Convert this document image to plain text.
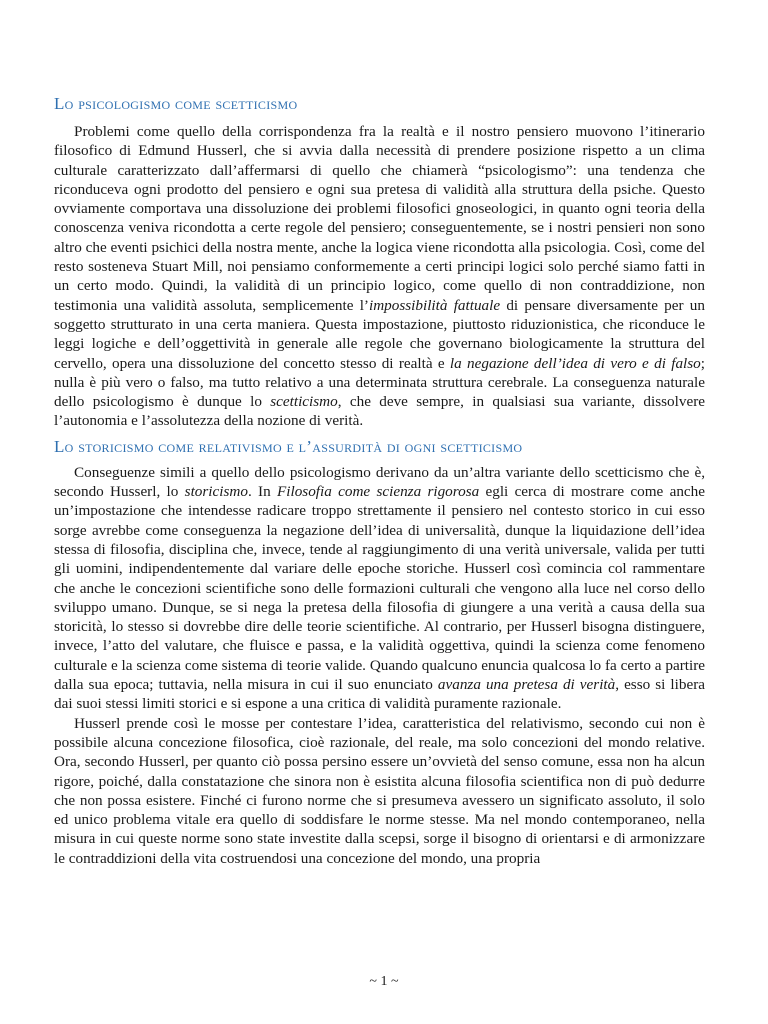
Lo psicologismo come scetticismo
Problemi come quello della corrispondenza fra la realtà e il nostro pensiero muovono l’itinerario filosofico di Edmund Husserl, che si avvia dalla necessità di prendere posizione rispetto a un clima culturale caratterizzato dall’affermarsi di quello che chiamerà “psicologismo”: una tendenza che riconduceva ogni prodotto del pensiero e ogni sua pretesa di validità alla struttura della psiche. Questo ovviamente comportava una dissoluzione dei problemi filosofici gnoseologici, in quanto ogni teoria della conoscenza veniva ricondotta a certe regole del pensiero; conseguentemente, se i nostri pensieri non sono altro che eventi psichici della nostra mente, anche la logica viene ricondotta alla psicologia. Così, come del resto sosteneva Stuart Mill, noi pensiamo conformemente a certi principi logici solo perché siamo fatti in un certo modo. Quindi, la validità di un principio logico, come quello di non contraddizione, non testimonia una validità assoluta, semplicemente l’impossibilità fattuale di pensare diversamente per un soggetto strutturato in una certa maniera. Questa impostazione, piuttosto riduzionistica, che riconduce le leggi logiche e dell’oggettività in generale alle regole che governano biologicamente la struttura del cervello, opera una dissoluzione del concetto stesso di realtà e la negazione dell’idea di vero e di falso; nulla è più vero o falso, ma tutto relativo a una determinata struttura cerebrale. La conseguenza naturale dello psicologismo è dunque lo scetticismo, che deve sempre, in qualsiasi sua variante, dissolvere l’autonomia e l’assolutezza della nozione di verità.
Lo storicismo come relativismo e l’assurdità di ogni scetticismo
Conseguenze simili a quello dello psicologismo derivano da un’altra variante dello scetticismo che è, secondo Husserl, lo storicismo. In Filosofia come scienza rigorosa egli cerca di mostrare come anche un’impostazione che intendesse radicare troppo strettamente il pensiero nel contesto storico in cui esso sorge avrebbe come conseguenza la negazione dell’idea di universalità, dunque la liquidazione dell’idea stessa di filosofia, disciplina che, invece, tende al raggiungimento di una verità universale, valida per tutti gli uomini, indipendentemente dal variare delle epoche storiche. Husserl così comincia col rammentare che anche le concezioni scientifiche sono delle formazioni culturali che vengono alla luce nel corso dello sviluppo umano. Dunque, se si nega la pretesa della filosofia di giungere a una verità a causa della sua storicità, lo stesso si dovrebbe dire delle teorie scientifiche. Al contrario, per Husserl bisogna distinguere, invece, l’atto del valutare, che fluisce e passa, e la validità oggettiva, quindi la scienza come fenomeno culturale e la scienza come sistema di teorie valide. Quando qualcuno enuncia qualcosa lo fa certo a partire dalla sua epoca; tuttavia, nella misura in cui il suo enunciato avanza una pretesa di verità, esso si libera dai suoi stessi limiti storici e si espone a una critica di validità puramente razionale.
Husserl prende così le mosse per contestare l’idea, caratteristica del relativismo, secondo cui non è possibile alcuna concezione filosofica, cioè razionale, del reale, ma solo concezioni del mondo relative. Ora, secondo Husserl, per quanto ciò possa persino essere un’ovvietà del senso comune, essa non ha alcun rigore, poiché, dalla constatazione che sinora non è esistita alcuna filosofia scientifica non di può dedurre che non possa esistere. Finché ci furono norme che si presumeva avessero un significato assoluto, il solo ed unico problema vitale era quello di soddisfare le norme stesse. Ma nel mondo contemporaneo, nella misura in cui queste norme sono state investite dalla scepsi, sorge il bisogno di orientarsi e di armonizzare le contraddizioni della vita costruendosi una concezione del mondo, una propria
~ 1 ~
